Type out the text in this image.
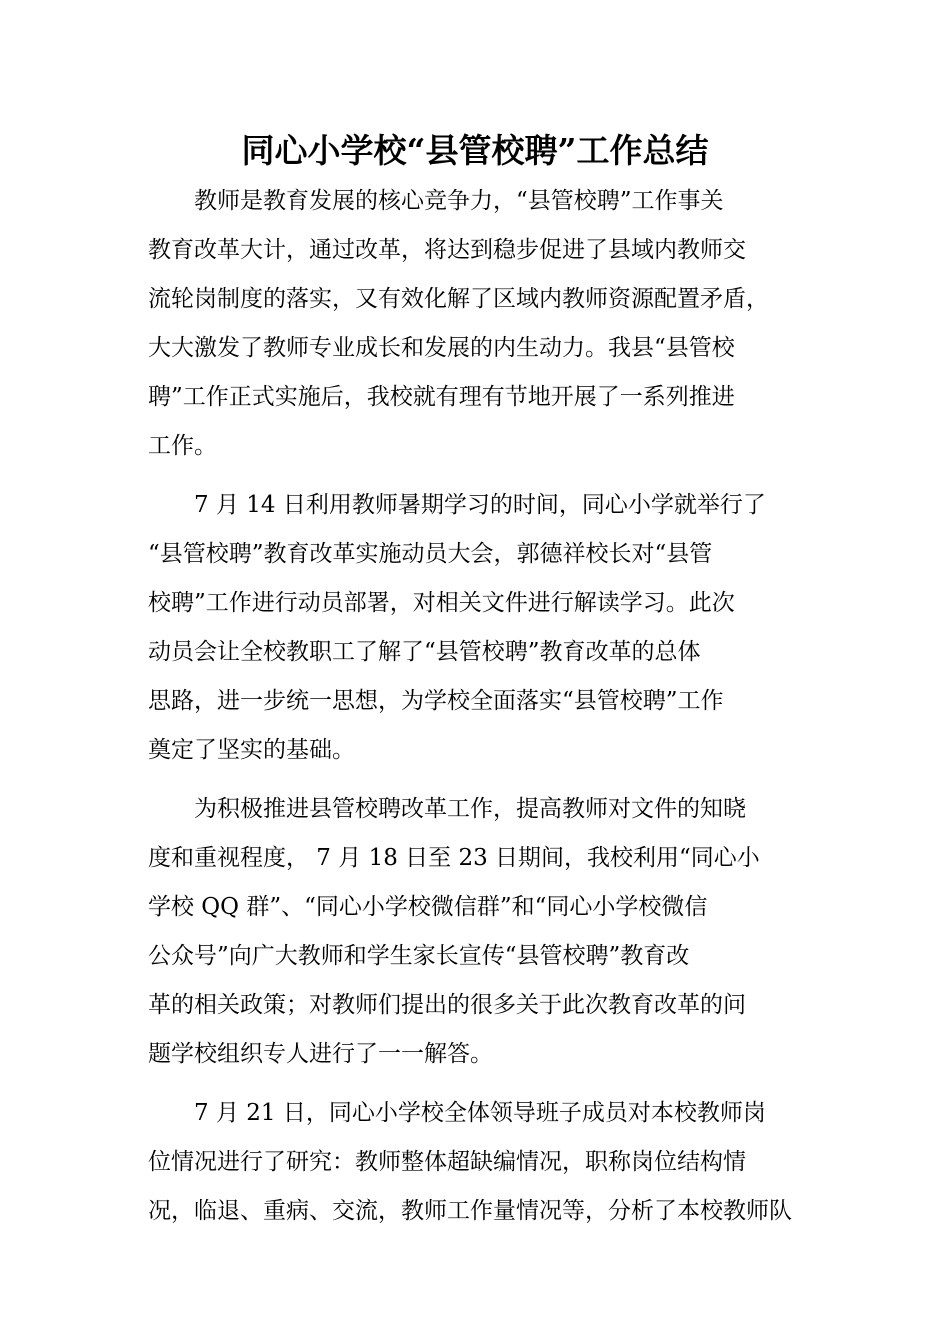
同心小学校“县管校聘”工作总结
教师是教育发展的核心竞争力，“县管校聘”工作事关
教育改革大计，通过改革，将达到稳步促进了县域内教师交
流轮岗制度的落实，又有效化解了区域内教师资源配置矛盾，
大大激发了教师专业成长和发展的内生动力。我县“县管校
聘”工作正式实施后，我校就有理有节地开展了一系列推进
工作。
7 月 14 日利用教师暑期学习的时间，同心小学就举行了
“县管校聘”教育改革实施动员大会，郭德祥校长对“县管
校聘”工作进行动员部署，对相关文件进行解读学习。此次
动员会让全校教职工了解了“县管校聘”教育改革的总体
思路，进一步统一思想，为学校全面落实“县管校聘”工作
奠定了坚实的基础。
为积极推进县管校聘改革工作，提高教师对文件的知晓
度和重视程度， 7 月 18 日至 23 日期间，我校利用“同心小
学校 QQ 群”、“同心小学校微信群”和“同心小学校微信
公众号”向广大教师和学生家长宣传“县管校聘”教育改
革的相关政策；对教师们提出的很多关于此次教育改革的问
题学校组织专人进行了一一解答。
7 月 21 日，同心小学校全体领导班子成员对本校教师岗
位情况进行了研究：教师整体超缺编情况，职称岗位结构情
况，临退、重病、交流，教师工作量情况等，分析了本校教师队
